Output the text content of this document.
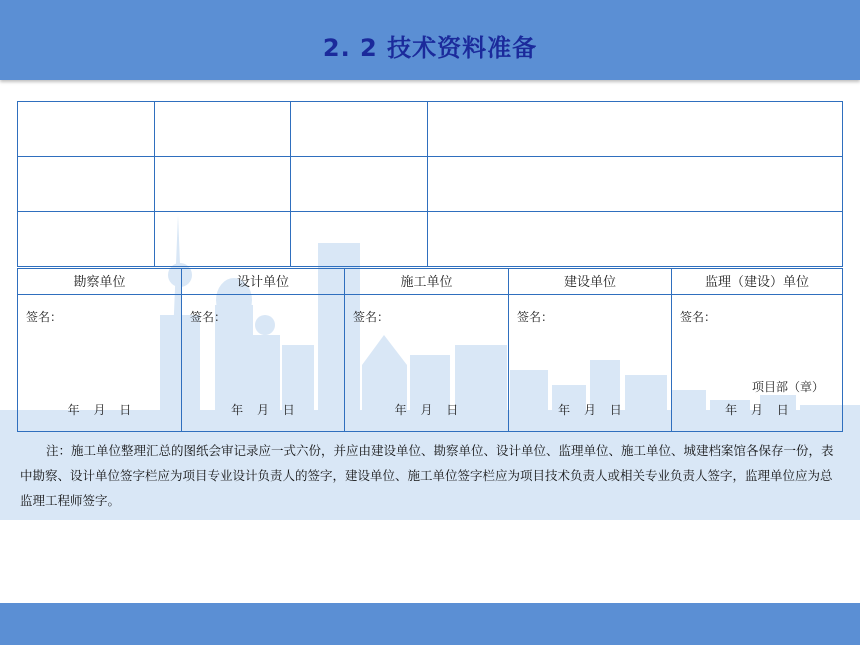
2. 2 技术资料准备
勘察单位	设计单位	施工单位	建设单位	监理（建设）单位
签名：
年 月 日
签名：
年 月 日
签名：
年 月 日
签名：
年 月 日
签名：
项目部（章）
年 月 日
注：施工单位整理汇总的图纸会审记录应一式六份，并应由建设单位、勘察单位、设计单位、监理单位、施工单位、城建档案馆各保存一份，表中勘察、设计单位签字栏应为项目专业设计负责人的签字，建设单位、施工单位签字栏应为项目技术负责人或相关专业负责人签字，监理单位应为总监理工程师签字。
